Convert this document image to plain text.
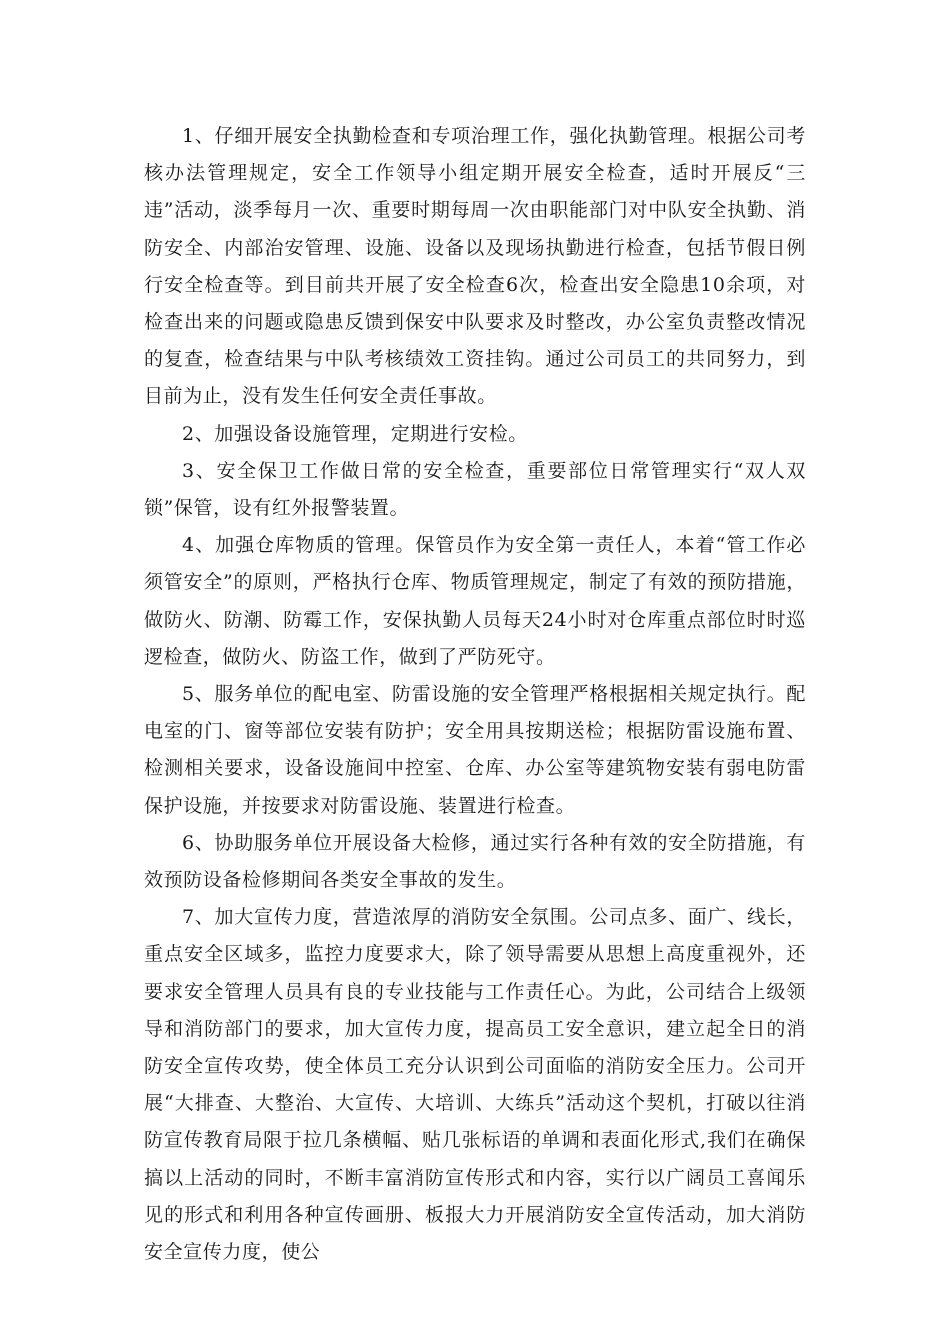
1、仔细开展安全执勤检查和专项治理工作，强化执勤管理。根据公司考核办法管理规定，安全工作领导小组定期开展安全检查，适时开展反“三违”活动，淡季每月一次、重要时期每周一次由职能部门对中队安全执勤、消防安全、内部治安管理、设施、设备以及现场执勤进行检查，包括节假日例行安全检查等。到目前共开展了安全检查6次，检查出安全隐患10余项，对检查出来的问题或隐患反馈到保安中队要求及时整改，办公室负责整改情况的复查，检查结果与中队考核绩效工资挂钩。通过公司员工的共同努力，到目前为止，没有发生任何安全责任事故。

2、加强设备设施管理，定期进行安检。

3、安全保卫工作做日常的安全检查，重要部位日常管理实行“双人双锁”保管，设有红外报警装置。

4、加强仓库物质的管理。保管员作为安全第一责任人，本着“管工作必须管安全”的原则，严格执行仓库、物质管理规定，制定了有效的预防措施，做防火、防潮、防霉工作，安保执勤人员每天24小时对仓库重点部位时时巡逻检查，做防火、防盗工作，做到了严防死守。

5、服务单位的配电室、防雷设施的安全管理严格根据相关规定执行。配电室的门、窗等部位安装有防护；安全用具按期送检；根据防雷设施布置、检测相关要求，设备设施间中控室、仓库、办公室等建筑物安装有弱电防雷保护设施，并按要求对防雷设施、装置进行检查。

6、协助服务单位开展设备大检修，通过实行各种有效的安全防措施，有效预防设备检修期间各类安全事故的发生。

7、加大宣传力度，营造浓厚的消防安全氛围。公司点多、面广、线长，重点安全区域多，监控力度要求大，除了领导需要从思想上高度重视外，还要求安全管理人员具有良的专业技能与工作责任心。为此，公司结合上级领导和消防部门的要求，加大宣传力度，提高员工安全意识，建立起全日的消防安全宣传攻势，使全体员工充分认识到公司面临的消防安全压力。公司开展“大排查、大整治、大宣传、大培训、大练兵”活动这个契机，打破以往消防宣传教育局限于拉几条横幅、贴几张标语的单调和表面化形式,我们在确保搞以上活动的同时，不断丰富消防宣传形式和内容，实行以广阔员工喜闻乐见的形式和利用各种宣传画册、板报大力开展消防安全宣传活动，加大消防安全宣传力度，使公
